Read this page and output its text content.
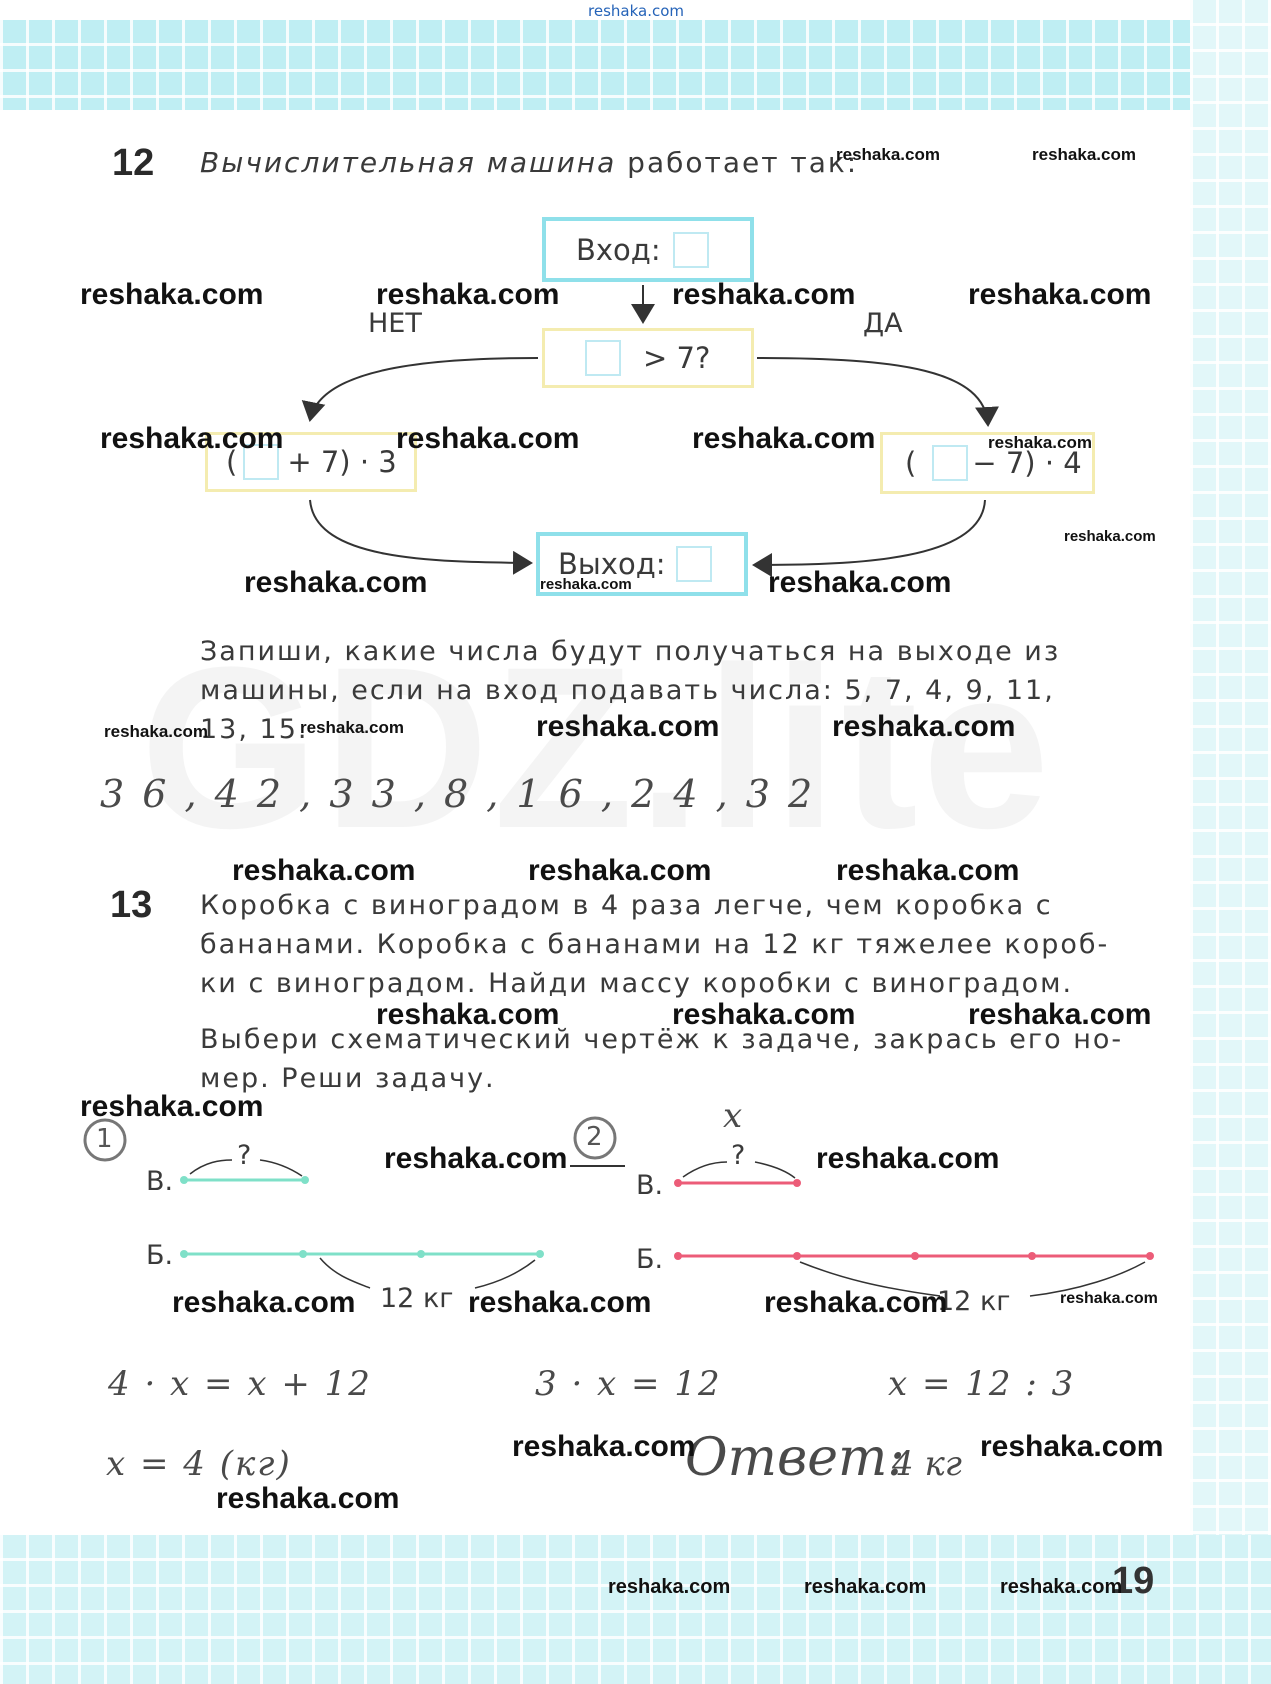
reshaka.com
12 Вычислительная машина работает так:
Вход:
НЕТ	ДА
> 7?
( + 7) · 3	( − 7) · 4
Выход:
Запиши, какие числа будут получаться на выходе из
машины, если на вход подавать числа: 5, 7, 4, 9, 11,
13, 15.
3 6 , 4 2 , 3 3 , 8 , 1 6 , 2 4 , 3 2
13 Коробка с виноградом в 4 раза легче, чем коробка с
бананами. Коробка с бананами на 12 кг тяжелее короб-
ки с виноградом. Найди массу коробки с виноградом.
Выбери схематический чертёж к задаче, закрась его но-
мер. Реши задачу.
1
В.
Б.
?
12 кг
2
В.
Б.
?
x
12 кг
4 · x = x + 12	3 · x = 12	x = 12 : 3
x = 4 (кг)	Ответ:
4 кг
19
reshaka.com	reshaka.com
reshaka.com	reshaka.com	reshaka.com	reshaka.com
reshaka.com	reshaka.com	reshaka.com	reshaka.com
reshaka.com
reshaka.com	reshaka.com	reshaka.com
reshaka.com	reshaka.com	reshaka.com	reshaka.com
reshaka.com	reshaka.com	reshaka.com
reshaka.com	reshaka.com	reshaka.com
reshaka.com
reshaka.com	reshaka.com
reshaka.com	reshaka.com	reshaka.com	reshaka.com
reshaka.com	reshaka.com
reshaka.com
reshaka.com	reshaka.com	reshaka.com
